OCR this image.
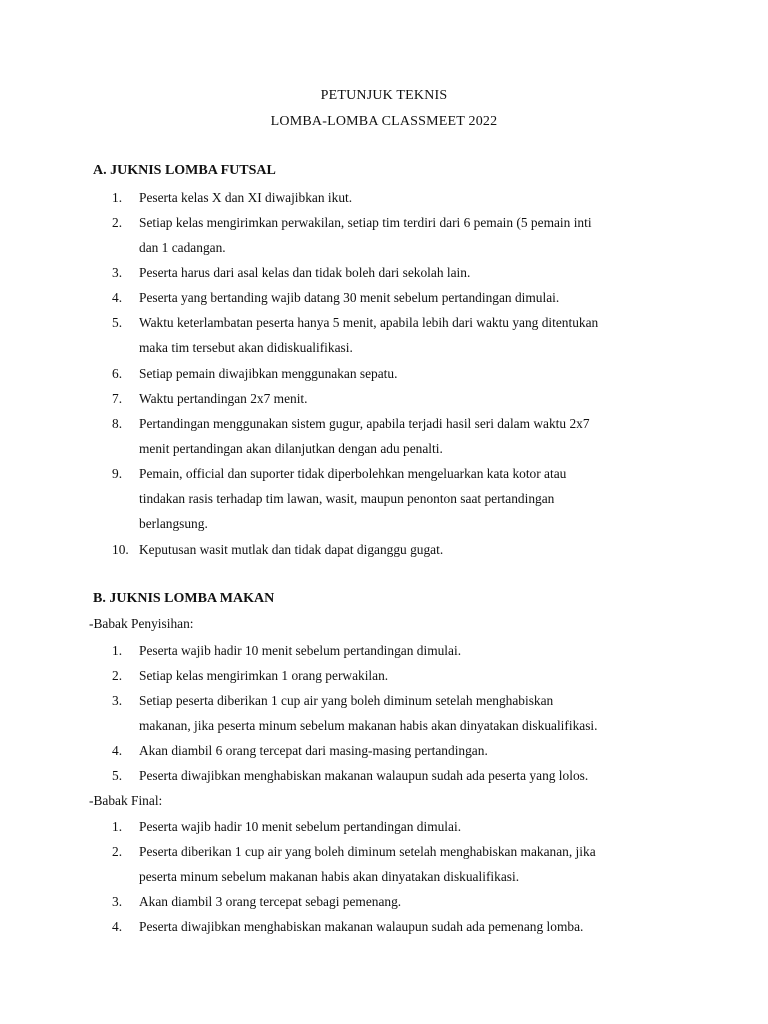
PETUNJUK TEKNIS
LOMBA-LOMBA CLASSMEET 2022
A. JUKNIS LOMBA FUTSAL
1.	Peserta kelas X dan XI diwajibkan ikut.
2.	Setiap kelas mengirimkan perwakilan, setiap tim terdiri dari 6 pemain (5 pemain inti
dan 1 cadangan.
3.	Peserta harus dari asal kelas dan tidak boleh dari sekolah lain.
4.	Peserta yang bertanding wajib datang 30 menit sebelum pertandingan dimulai.
5.	Waktu keterlambatan peserta hanya 5 menit, apabila lebih dari waktu yang ditentukan
maka tim tersebut akan didiskualifikasi.
6.	Setiap pemain diwajibkan menggunakan sepatu.
7.	Waktu pertandingan 2x7 menit.
8.	Pertandingan menggunakan sistem gugur, apabila terjadi hasil seri dalam waktu 2x7
menit pertandingan akan dilanjutkan dengan adu penalti.
9.	Pemain, official dan suporter tidak diperbolehkan mengeluarkan kata kotor atau
tindakan rasis terhadap tim lawan, wasit, maupun penonton saat pertandingan
berlangsung.
10. Keputusan wasit mutlak dan tidak dapat diganggu gugat.
B. JUKNIS LOMBA MAKAN
-Babak Penyisihan:
1.	Peserta wajib hadir 10 menit sebelum pertandingan dimulai.
2.	Setiap kelas mengirimkan 1 orang perwakilan.
3.	Setiap peserta diberikan 1 cup air yang boleh diminum setelah menghabiskan
makanan, jika peserta minum sebelum makanan habis akan dinyatakan diskualifikasi.
4.	Akan diambil 6 orang tercepat dari masing-masing pertandingan.
5.	Peserta diwajibkan menghabiskan makanan walaupun sudah ada peserta yang lolos.
-Babak Final:
1.	Peserta wajib hadir 10 menit sebelum pertandingan dimulai.
2.	Peserta diberikan 1 cup air yang boleh diminum setelah menghabiskan makanan, jika
peserta minum sebelum makanan habis akan dinyatakan diskualifikasi.
3.	Akan diambil 3 orang tercepat sebagi pemenang.
4.	Peserta diwajibkan menghabiskan makanan walaupun sudah ada pemenang lomba.
